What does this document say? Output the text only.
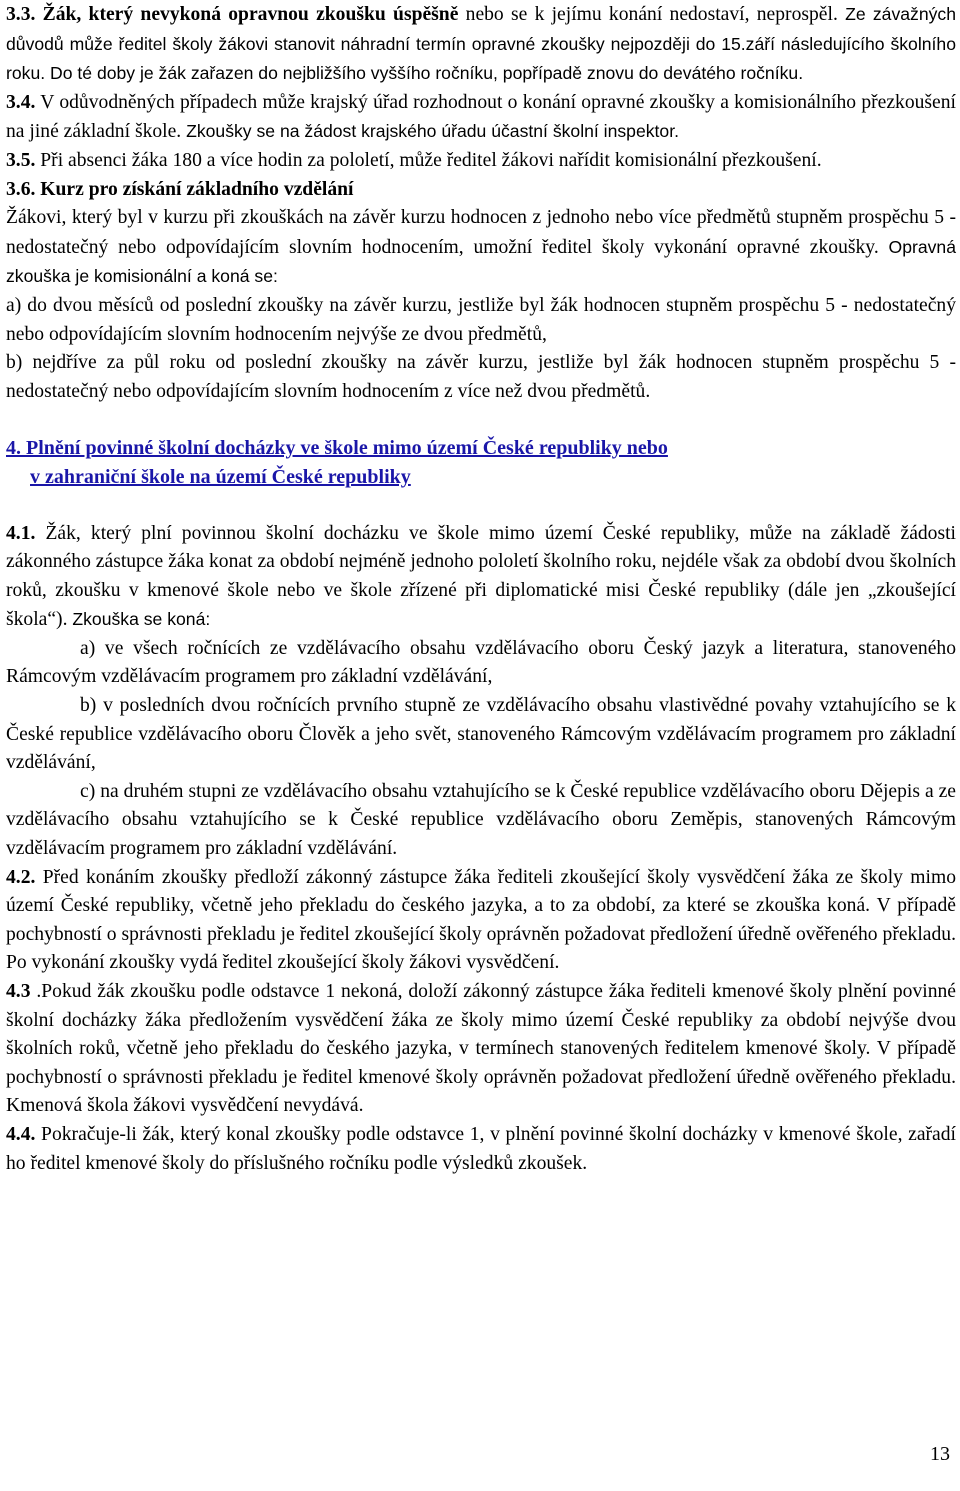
3.3. Žák, který nevykoná opravnou zkoušku úspěšně nebo se k jejímu konání nedostaví, neprospěl. Ze závažných důvodů může ředitel školy žákovi stanovit náhradní termín opravné zkoušky nejpozději do 15.září následujícího školního roku. Do té doby je žák zařazen do nejbližšího vyššího ročníku, popřípadě znovu do devátého ročníku.

3.4. V odůvodněných případech může krajský úřad rozhodnout o konání opravné zkoušky a komisionálního přezkoušení na jiné základní škole. Zkoušky se na žádost krajského úřadu účastní školní inspektor.

3.5. Při absenci žáka 180 a více hodin za pololetí, může ředitel žákovi nařídit komisionální přezkoušení.

3.6. Kurz pro získání základního vzdělání

Žákovi, který byl v kurzu při zkouškách na závěr kurzu hodnocen z jednoho nebo více předmětů stupněm prospěchu 5 - nedostatečný nebo odpovídajícím slovním hodnocením, umožní ředitel školy vykonání opravné zkoušky. Opravná zkouška je komisionální a koná se:

a) do dvou měsíců od poslední zkoušky na závěr kurzu, jestliže byl žák hodnocen stupněm prospěchu 5 - nedostatečný nebo odpovídajícím slovním hodnocením nejvýše ze dvou předmětů,

b) nejdříve za půl roku od poslední zkoušky na závěr kurzu, jestliže byl žák hodnocen stupněm prospěchu 5 - nedostatečný nebo odpovídajícím slovním hodnocením z více než dvou předmětů.

4. Plnění povinné školní docházky ve škole mimo území České republiky nebo
v zahraniční škole na území České republiky

4.1. Žák, který plní povinnou školní docházku ve škole mimo území České republiky, může na základě žádosti zákonného zástupce žáka konat za období nejméně jednoho pololetí školního roku, nejdéle však za období dvou školních roků, zkoušku v kmenové škole nebo ve škole zřízené při diplomatické misi České republiky (dále jen „zkoušející škola“). Zkouška se koná:

a) ve všech ročnících ze vzdělávacího obsahu vzdělávacího oboru Český jazyk a literatura, stanoveného Rámcovým vzdělávacím programem pro základní vzdělávání,

b) v posledních dvou ročnících prvního stupně ze vzdělávacího obsahu vlastivědné povahy vztahujícího se k České republice vzdělávacího oboru Člověk a jeho svět, stanoveného Rámcovým vzdělávacím programem pro základní vzdělávání,

c) na druhém stupni ze vzdělávacího obsahu vztahujícího se k České republice vzdělávacího oboru Dějepis a ze vzdělávacího obsahu vztahujícího se k České republice vzdělávacího oboru Zeměpis, stanovených Rámcovým vzdělávacím programem pro základní vzdělávání.

4.2. Před konáním zkoušky předloží zákonný zástupce žáka řediteli zkoušející školy vysvědčení žáka ze školy mimo území České republiky, včetně jeho překladu do českého jazyka, a to za období, za které se zkouška koná. V případě pochybností o správnosti překladu je ředitel zkoušející školy oprávněn požadovat předložení úředně ověřeného překladu. Po vykonání zkoušky vydá ředitel zkoušející školy žákovi vysvědčení.

4.3 .Pokud žák zkoušku podle odstavce 1 nekoná, doloží zákonný zástupce žáka řediteli kmenové školy plnění povinné školní docházky žáka předložením vysvědčení žáka ze školy mimo území České republiky za období nejvýše dvou školních roků, včetně jeho překladu do českého jazyka, v termínech stanovených ředitelem kmenové školy. V případě pochybností o správnosti překladu je ředitel kmenové školy oprávněn požadovat předložení úředně ověřeného překladu. Kmenová škola žákovi vysvědčení nevydává.

4.4. Pokračuje-li žák, který konal zkoušky podle odstavce 1, v plnění povinné školní docházky v kmenové škole, zařadí ho ředitel kmenové školy do příslušného ročníku podle výsledků zkoušek.

13
